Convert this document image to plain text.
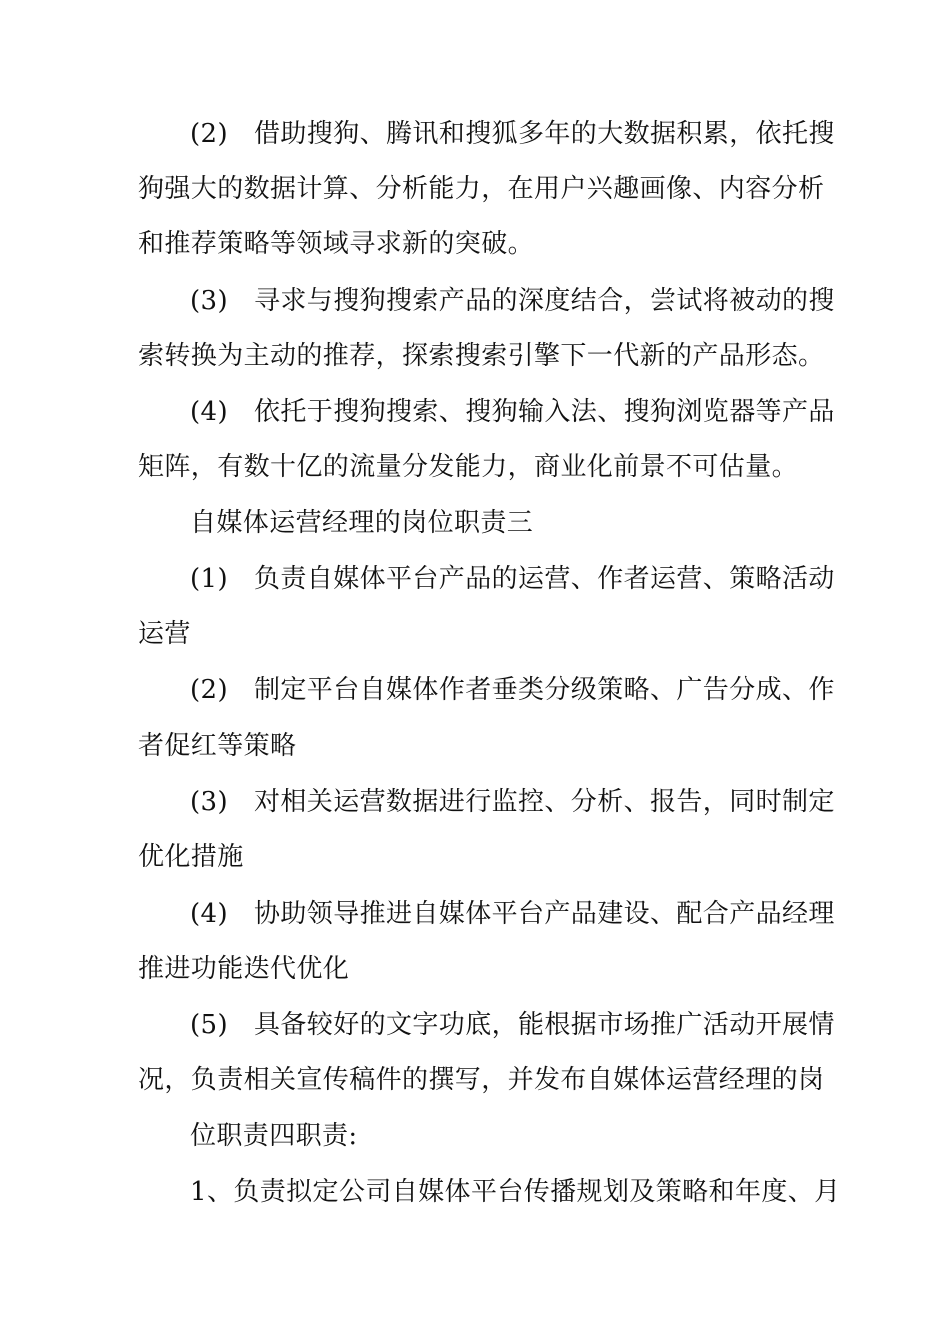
(2) 借助搜狗、腾讯和搜狐多年的大数据积累，依托搜
狗强大的数据计算、分析能力，在用户兴趣画像、内容分析
和推荐策略等领域寻求新的突破。
(3) 寻求与搜狗搜索产品的深度结合，尝试将被动的搜
索转换为主动的推荐，探索搜索引擎下一代新的产品形态。
(4) 依托于搜狗搜索、搜狗输入法、搜狗浏览器等产品
矩阵，有数十亿的流量分发能力，商业化前景不可估量。
自媒体运营经理的岗位职责三
(1) 负责自媒体平台产品的运营、作者运营、策略活动
运营
(2) 制定平台自媒体作者垂类分级策略、广告分成、作
者促红等策略
(3) 对相关运营数据进行监控、分析、报告，同时制定
优化措施
(4) 协助领导推进自媒体平台产品建设、配合产品经理
推进功能迭代优化
(5) 具备较好的文字功底，能根据市场推广活动开展情
况，负责相关宣传稿件的撰写，并发布自媒体运营经理的岗
位职责四职责:
1、负责拟定公司自媒体平台传播规划及策略和年度、月
